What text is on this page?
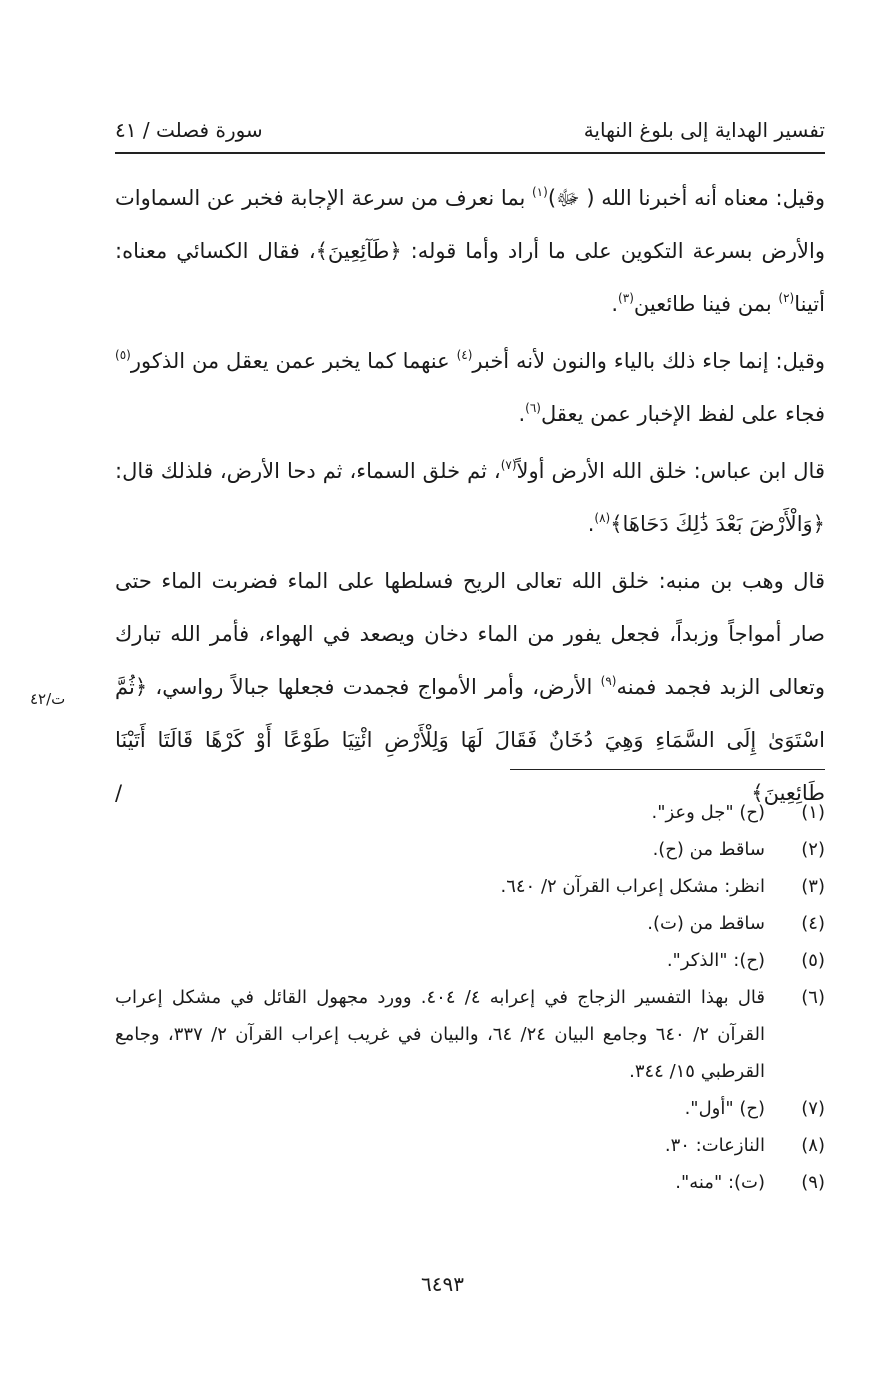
تفسير الهداية إلى بلوغ النهاية
سورة فصلت / ٤١

وقيل: معناه أنه أخبرنا الله ( ﷻ)$^{(١)}$ بما نعرف من سرعة الإجابة فخبر عن السماوات والأرض بسرعة التكوين على ما أراد وأما قوله: ﴿طَآئِعِينَ﴾، فقال الكسائي معناه: أتينا$^{(٢)}$ بمن فينا طائعين$^{(٣)}$.

وقيل: إنما جاء ذلك بالياء والنون لأنه أخبر$^{(٤)}$ عنهما كما يخبر عمن يعقل من الذكور$^{(٥)}$ فجاء على لفظ الإخبار عمن يعقل$^{(٦)}$.

قال ابن عباس: خلق الله الأرض أولاً$^{(٧)}$، ثم خلق السماء، ثم دحا الأرض، فلذلك قال: ﴿وَالْأَرْضَ بَعْدَ ذَٰلِكَ دَحَاهَا﴾$^{(٨)}$.

قال وهب بن منبه: خلق الله تعالى الريح فسلطها على الماء فضربت الماء حتى صار أمواجاً وزبداً، فجعل يفور من الماء دخان ويصعد في الهواء، فأمر الله تبارك وتعالى الزبد فجمد فمنه$^{(٩)}$ الأرض، وأمر الأمواج فجمدت فجعلها جبالاً رواسي، ﴿ثُمَّ اسْتَوَىٰ إِلَى السَّمَاءِ وَهِيَ دُخَانٌ فَقَالَ لَهَا وَلِلْأَرْضِ ائْتِيَا طَوْعًا أَوْ كَرْهًا قَالَتَا أَتَيْنَا طَائِعِينَ﴾ /

ت/٤٢
(١)
(ح) "جل وعز".
(٢)
ساقط من (ح).
(٣)
انظر: مشكل إعراب القرآن ٢/ ٦٤٠.
(٤)
ساقط من (ت).
(٥)
(ح): "الذكر".
(٦)
قال بهذا التفسير الزجاج في إعرابه ٤/ ٤٠٤. وورد مجهول القائل في مشكل إعراب القرآن ٢/ ٦٤٠ وجامع البيان ٢٤/ ٦٤، والبيان في غريب إعراب القرآن ٢/ ٣٣٧، وجامع القرطبي ١٥/ ٣٤٤.
(٧)
(ح) "أول".
(٨)
النازعات: ٣٠.
(٩)
(ت): "منه".
٦٤٩٣
